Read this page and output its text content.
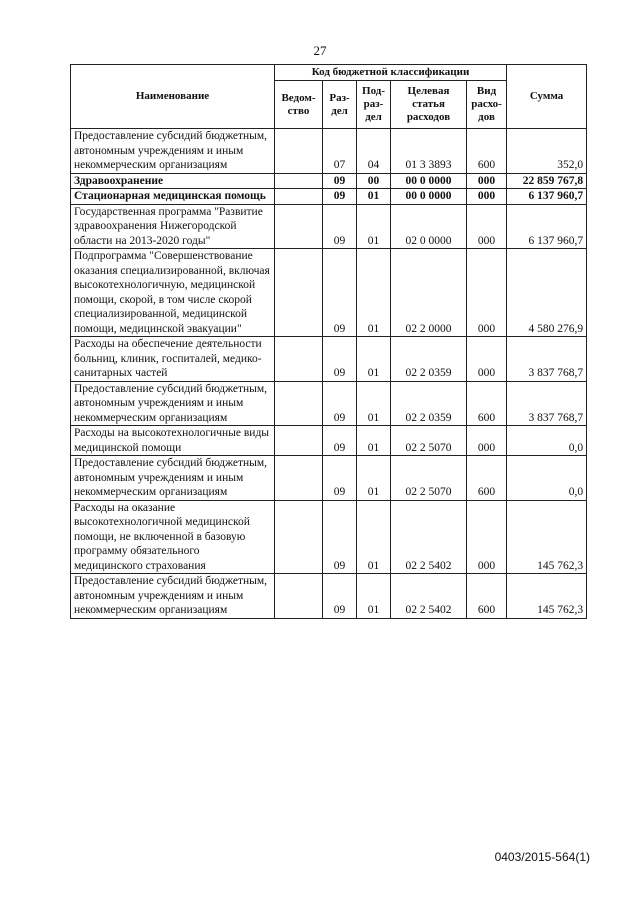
27
Наименование	Код бюджетной классификации					Сумма
	Ведом-ство	Раз-дел	Под-раз-дел	Целевая статья расходов	Вид расхо-дов	
Предоставление субсидий бюджетным, автономным учреждениям и иным некоммерческим организациям		07	04	01 3 3893	600	352,0
Здравоохранение		09	00	00 0 0000	000	22 859 767,8
Стационарная медицинская помощь		09	01	00 0 0000	000	6 137 960,7
Государственная программа "Развитие здравоохранения Нижегородской области на 2013-2020 годы"		09	01	02 0 0000	000	6 137 960,7
Подпрограмма "Совершенствование оказания специализированной, включая высокотехнологичную, медицинской помощи, скорой, в том числе скорой специализированной, медицинской помощи, медицинской эвакуации"		09	01	02 2 0000	000	4 580 276,9
Расходы на обеспечение деятельности больниц, клиник, госпиталей, медико-санитарных частей		09	01	02 2 0359	000	3 837 768,7
Предоставление субсидий бюджетным, автономным учреждениям и иным некоммерческим организациям		09	01	02 2 0359	600	3 837 768,7
Расходы на высокотехнологичные виды медицинской помощи		09	01	02 2 5070	000	0,0
Предоставление субсидий бюджетным, автономным учреждениям и иным некоммерческим организациям		09	01	02 2 5070	600	0,0
Расходы на оказание высокотехнологичной медицинской помощи, не включенной в базовую программу обязательного медицинского страхования		09	01	02 2 5402	000	145 762,3
Предоставление субсидий бюджетным, автономным учреждениям и иным некоммерческим организациям		09	01	02 2 5402	600	145 762,3
0403/2015-564(1)
